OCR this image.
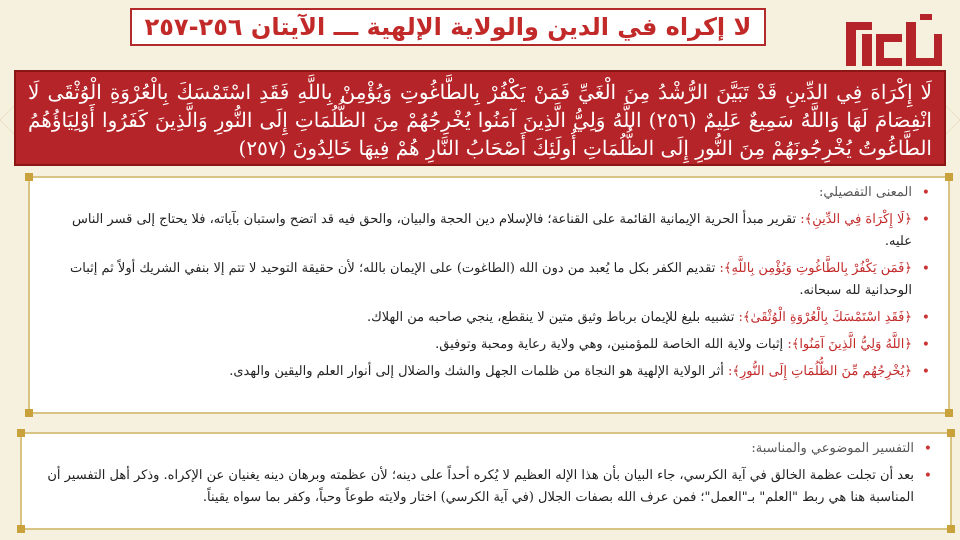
لا إكراه في الدين والولاية الإلهية ـــ الآيتان ٢٥٦-٢٥٧
لَا إِكْرَاهَ فِي الدِّينِ قَدْ تَبَيَّنَ الرُّشْدُ مِنَ الْغَيِّ فَمَنْ يَكْفُرْ بِالطَّاغُوتِ وَيُؤْمِنْ بِاللَّهِ فَقَدِ اسْتَمْسَكَ بِالْعُرْوَةِ الْوُثْقَى لَا انْفِصَامَ لَهَا وَاللَّهُ سَمِيعٌ عَلِيمٌ (٢٥٦) اللَّهُ وَلِيُّ الَّذِينَ آمَنُوا يُخْرِجُهُمْ مِنَ الظُّلُمَاتِ إِلَى النُّورِ وَالَّذِينَ كَفَرُوا أَوْلِيَاؤُهُمُ الطَّاغُوتُ يُخْرِجُونَهُمْ مِنَ النُّورِ إِلَى الظُّلُمَاتِ أُولَئِكَ أَصْحَابُ النَّارِ هُمْ فِيهَا خَالِدُونَ (٢٥٧)
• المعنى التفصيلي:
• ﴿لَا إِكْرَاهَ فِي الدِّينِ﴾: تقرير مبدأ الحرية الإيمانية القائمة على القناعة؛ فالإسلام دين الحجة والبيان، والحق فيه قد اتضح واستبان بآياته، فلا يحتاج إلى قسر الناس عليه.
• ﴿فَمَن يَكْفُرْ بِالطَّاغُوتِ وَيُؤْمِن بِاللَّهِ﴾: تقديم الكفر بكل ما يُعبد من دون الله (الطاغوت) على الإيمان بالله؛ لأن حقيقة التوحيد لا تتم إلا بنفي الشريك أولاً ثم إثبات الوحدانية لله سبحانه.
• ﴿فَقَدِ اسْتَمْسَكَ بِالْعُرْوَةِ الْوُثْقَىٰ﴾: تشبيه بليغ للإيمان برباط وثيق متين لا ينقطع، ينجي صاحبه من الهلاك.
• ﴿اللَّهُ وَلِيُّ الَّذِينَ آمَنُوا﴾: إثبات ولاية الله الخاصة للمؤمنين، وهي ولاية رعاية ومحبة وتوفيق.
• ﴿يُخْرِجُهُم مِّنَ الظُّلُمَاتِ إِلَى النُّورِ﴾: أثر الولاية الإلهية هو النجاة من ظلمات الجهل والشك والضلال إلى أنوار العلم واليقين والهدى.
• التفسير الموضوعي والمناسبة:
• بعد أن تجلت عظمة الخالق في آية الكرسي، جاء البيان بأن هذا الإله العظيم لا يُكره أحداً على دينه؛ لأن عظمته وبرهان دينه يغنيان عن الإكراه. وذكر أهل التفسير أن المناسبة هنا هي ربط "العلم" بـ"العمل"؛ فمن عرف الله بصفات الجلال (في آية الكرسي) اختار ولايته طوعاً وحباً، وكفر بما سواه يقيناً.
